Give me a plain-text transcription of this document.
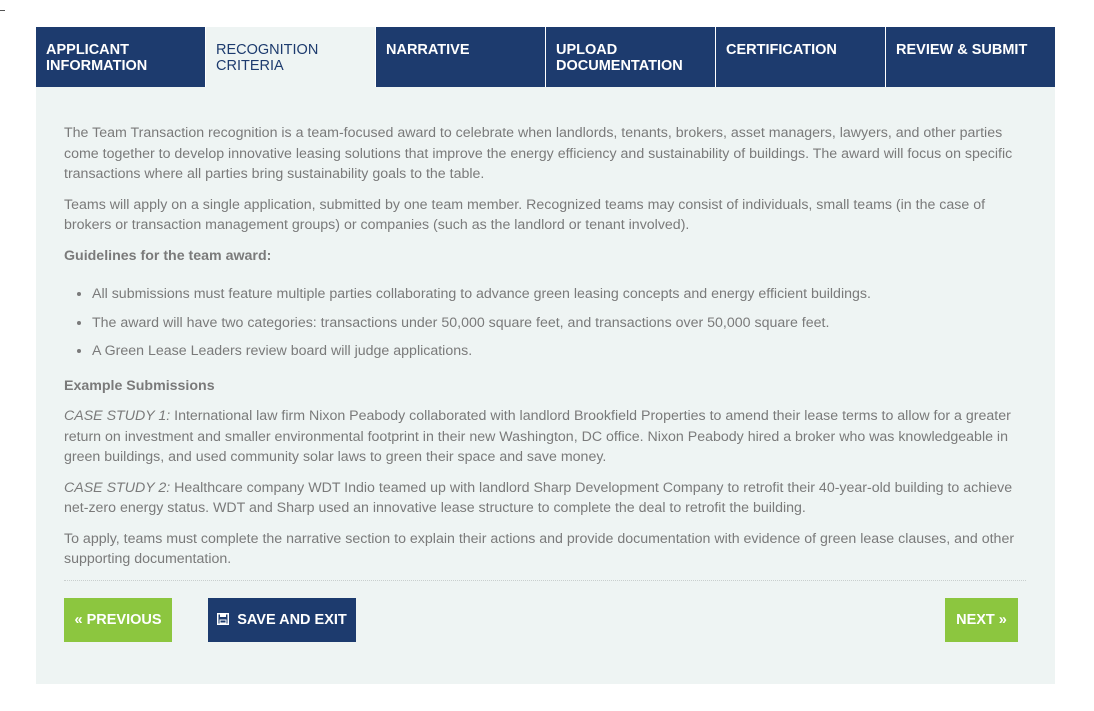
APPLICANT INFORMATION
RECOGNITION CRITERIA
NARRATIVE	UPLOAD DOCUMENTATION
CERTIFICATION	REVIEW & SUBMIT

The Team Transaction recognition is a team-focused award to celebrate when landlords, tenants, brokers, asset managers, lawyers, and other parties come together to develop innovative leasing solutions that improve the energy efficiency and sustainability of buildings. The award will focus on specific transactions where all parties bring sustainability goals to the table.

Teams will apply on a single application, submitted by one team member. Recognized teams may consist of individuals, small teams (in the case of brokers or transaction management groups) or companies (such as the landlord or tenant involved).

Guidelines for the team award:

• All submissions must feature multiple parties collaborating to advance green leasing concepts and energy efficient buildings.
• The award will have two categories: transactions under 50,000 square feet, and transactions over 50,000 square feet.
• A Green Lease Leaders review board will judge applications.

Example Submissions

CASE STUDY 1: International law firm Nixon Peabody collaborated with landlord Brookfield Properties to amend their lease terms to allow for a greater return on investment and smaller environmental footprint in their new Washington, DC office. Nixon Peabody hired a broker who was knowledgeable in green buildings, and used community solar laws to green their space and save money.

CASE STUDY 2: Healthcare company WDT Indio teamed up with landlord Sharp Development Company to retrofit their 40-year-old building to achieve net-zero energy status. WDT and Sharp used an innovative lease structure to complete the deal to retrofit the building.

To apply, teams must complete the narrative section to explain their actions and provide documentation with evidence of green lease clauses, and other supporting documentation.

« PREVIOUS	SAVE AND EXIT	NEXT »
